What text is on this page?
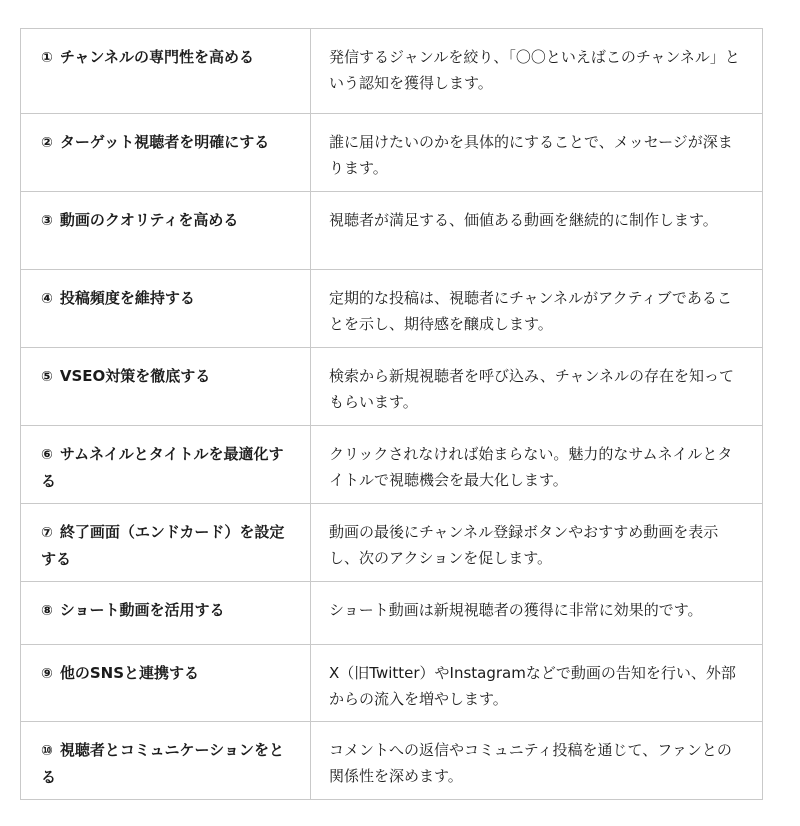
① チャンネルの専門性を高める	発信するジャンルを絞り、「〇〇といえばこのチャンネル」という認知を獲得します。
② ターゲット視聴者を明確にする	誰に届けたいのかを具体的にすることで、メッセージが深まります。
③ 動画のクオリティを高める	視聴者が満足する、価値ある動画を継続的に制作します。
④ 投稿頻度を維持する	定期的な投稿は、視聴者にチャンネルがアクティブであることを示し、期待感を醸成します。
⑤ VSEO対策を徹底する	検索から新規視聴者を呼び込み、チャンネルの存在を知ってもらいます。
⑥ サムネイルとタイトルを最適化する	クリックされなければ始まらない。魅力的なサムネイルとタイトルで視聴機会を最大化します。
⑦ 終了画面（エンドカード）を設定する	動画の最後にチャンネル登録ボタンやおすすめ動画を表示し、次のアクションを促します。
⑧ ショート動画を活用する	ショート動画は新規視聴者の獲得に非常に効果的です。
⑨ 他のSNSと連携する	X（旧Twitter）やInstagramなどで動画の告知を行い、外部からの流入を増やします。
⑩ 視聴者とコミュニケーションをとる	コメントへの返信やコミュニティ投稿を通じて、ファンとの関係性を深めます。
